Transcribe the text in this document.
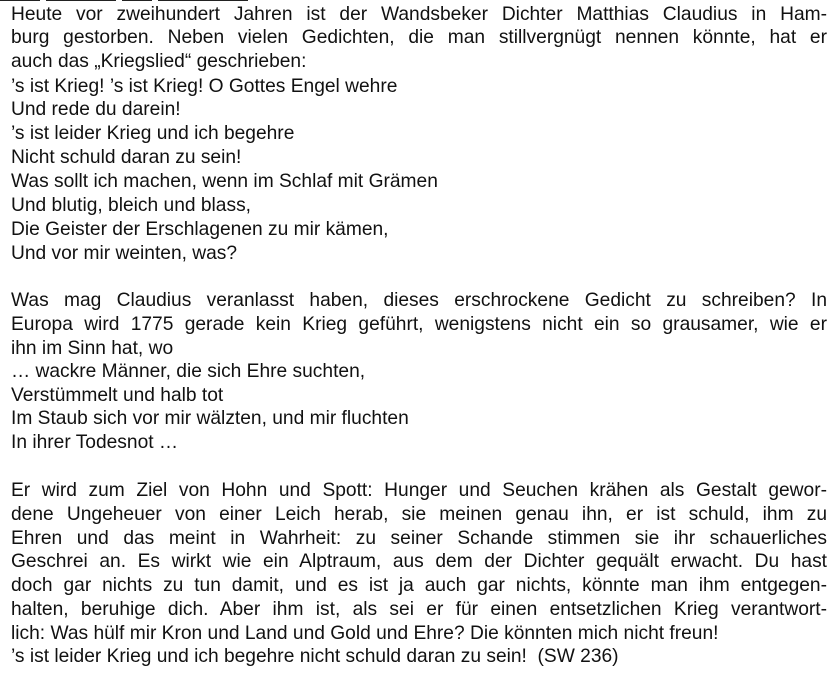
Heute vor zweihundert Jahren ist der Wandsbeker Dichter Matthias Claudius in Ham-
burg gestorben. Neben vielen Gedichten, die man stillvergnügt nennen könnte, hat er
auch das „Kriegslied“ geschrieben:
’s ist Krieg! ’s ist Krieg! O Gottes Engel wehre
Und rede du darein!
’s ist leider Krieg und ich begehre
Nicht schuld daran zu sein!
Was sollt ich machen, wenn im Schlaf mit Grämen
Und blutig, bleich und blass,
Die Geister der Erschlagenen zu mir kämen,
Und vor mir weinten, was?
Was mag Claudius veranlasst haben, dieses erschrockene Gedicht zu schreiben? In
Europa wird 1775 gerade kein Krieg geführt, wenigstens nicht ein so grausamer, wie er
ihn im Sinn hat, wo
… wackre Männer, die sich Ehre suchten,
Verstümmelt und halb tot
Im Staub sich vor mir wälzten, und mir fluchten
In ihrer Todesnot …
Er wird zum Ziel von Hohn und Spott: Hunger und Seuchen krähen als Gestalt gewor-
dene Ungeheuer von einer Leich herab, sie meinen genau ihn, er ist schuld, ihm zu
Ehren und das meint in Wahrheit: zu seiner Schande stimmen sie ihr schauerliches
Geschrei an. Es wirkt wie ein Alptraum, aus dem der Dichter gequält erwacht. Du hast
doch gar nichts zu tun damit, und es ist ja auch gar nichts, könnte man ihm entgegen-
halten, beruhige dich. Aber ihm ist, als sei er für einen entsetzlichen Krieg verantwort-
lich: Was hülf mir Kron und Land und Gold und Ehre? Die könnten mich nicht freun!
’s ist leider Krieg und ich begehre nicht schuld daran zu sein!  (SW 236)
